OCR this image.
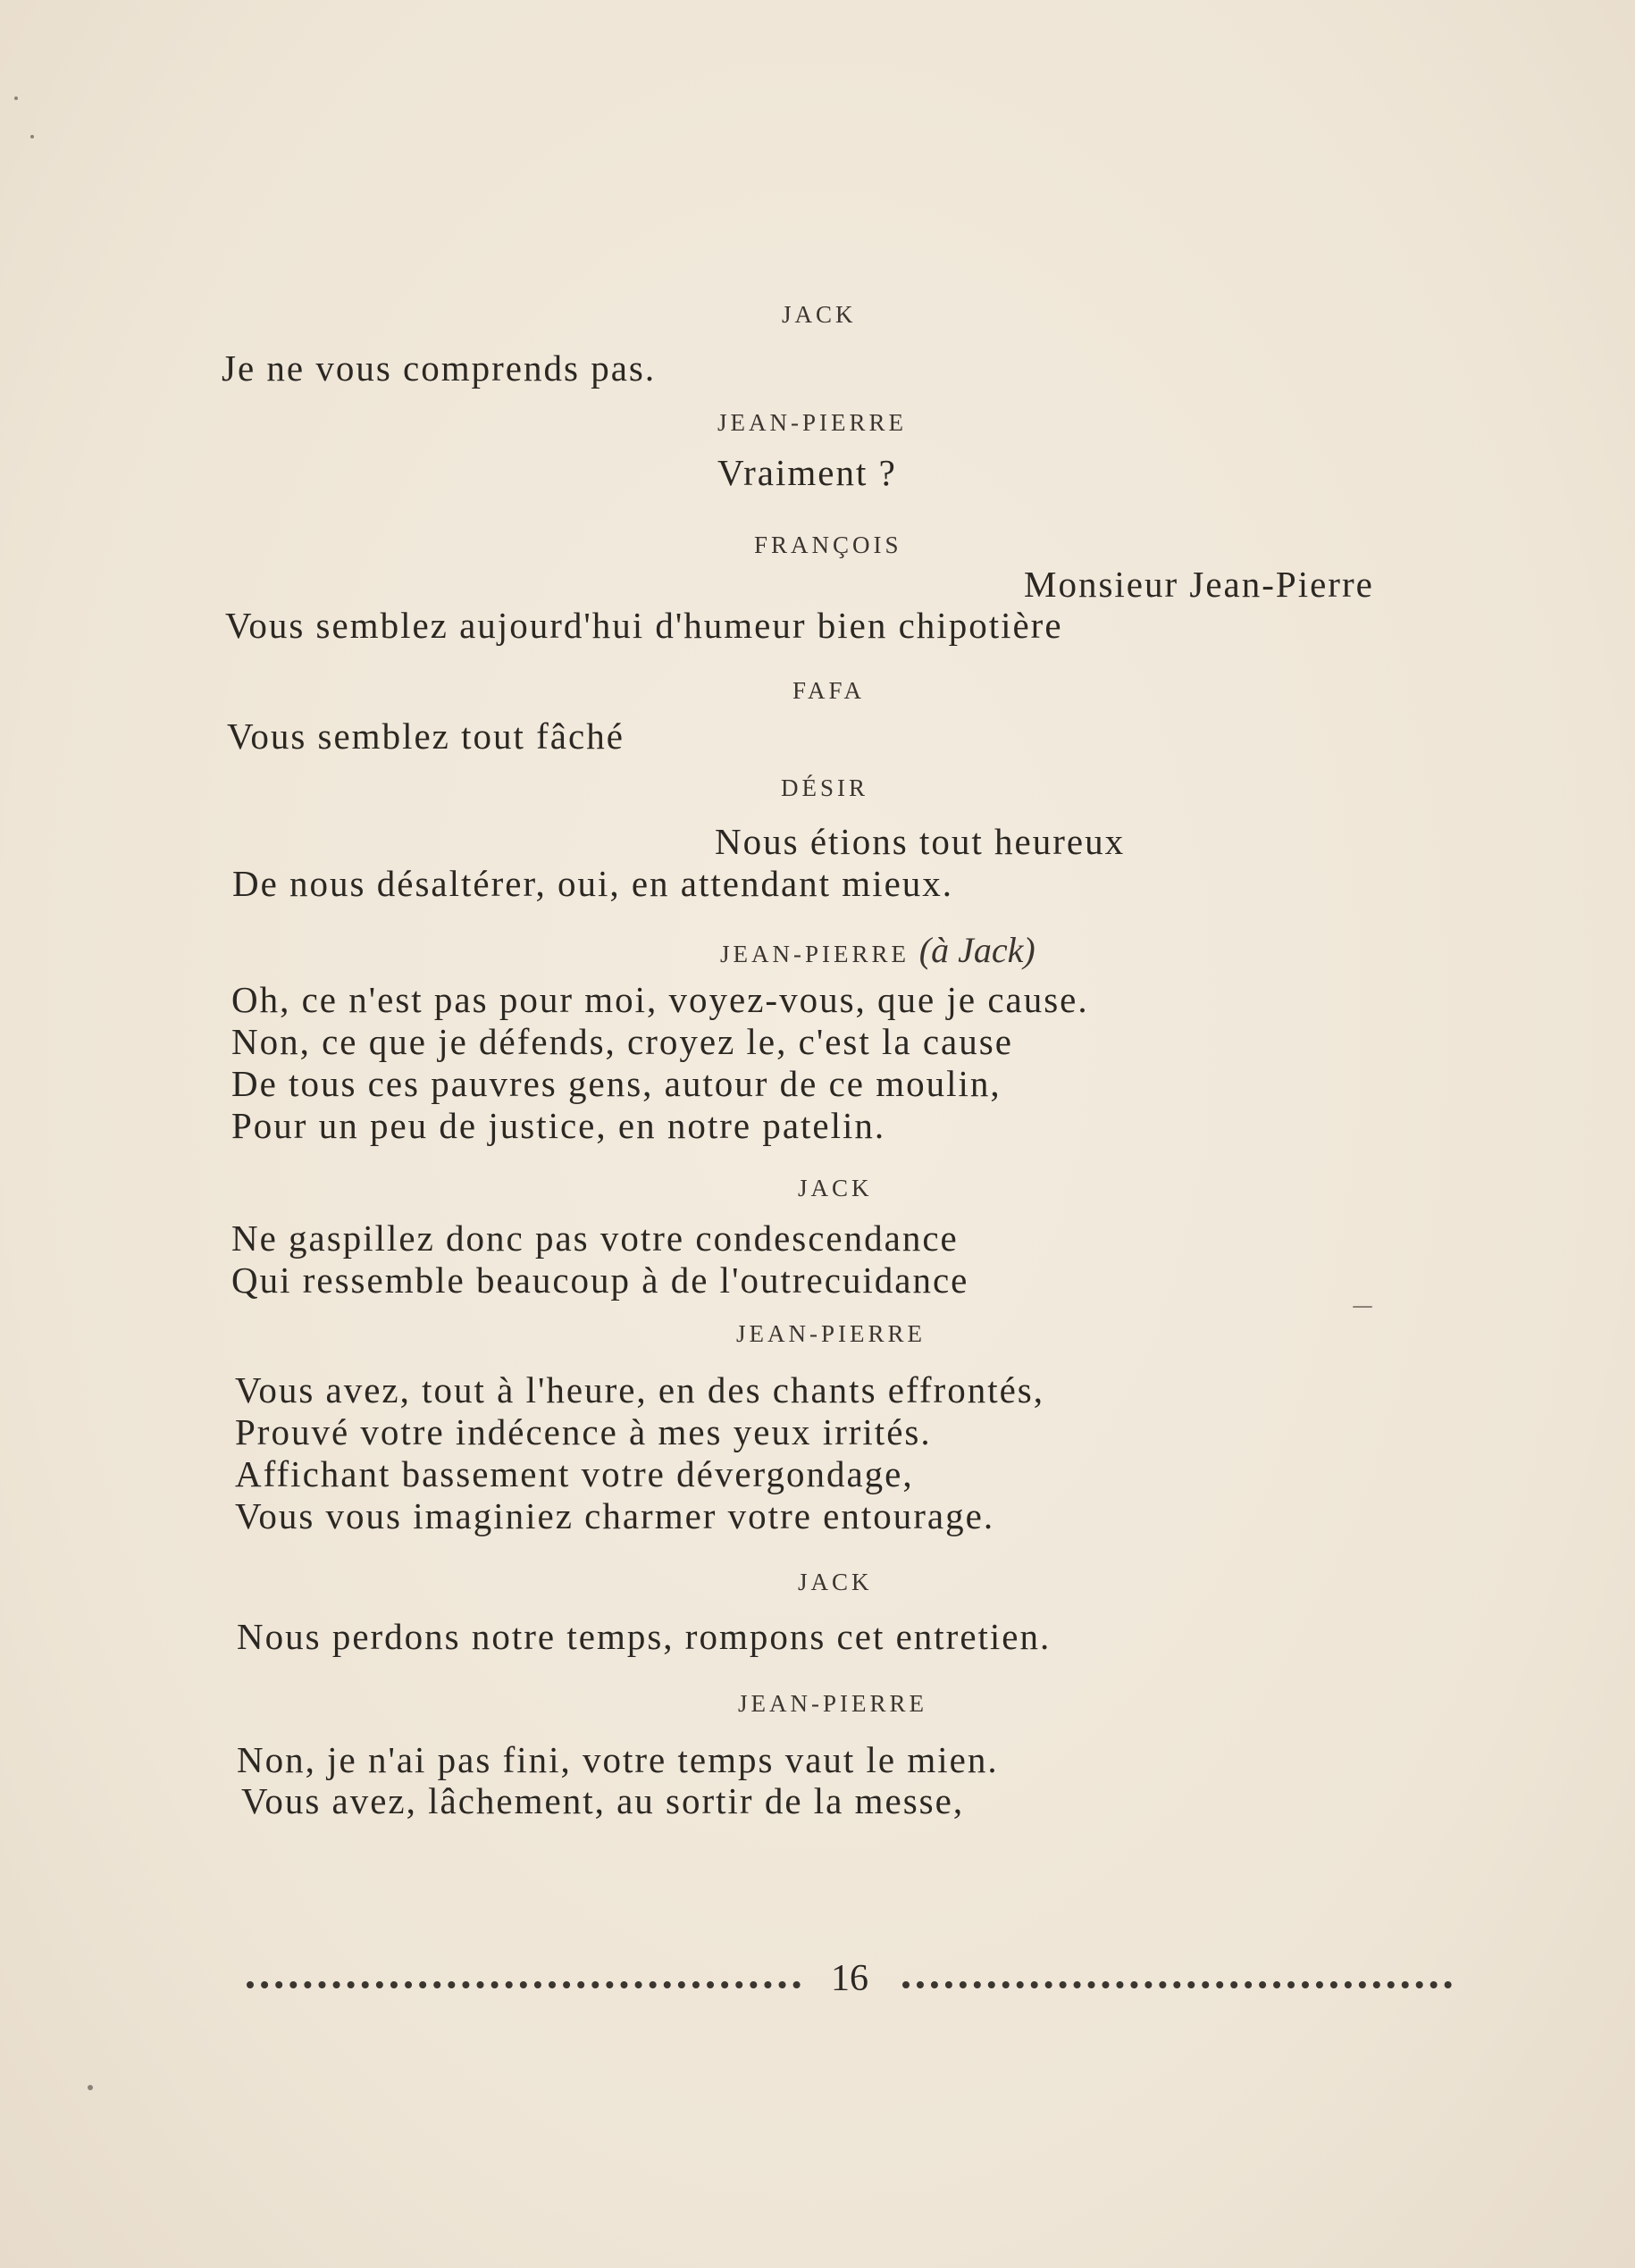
JACK
Je ne vous comprends pas.
JEAN-PIERRE
Vraiment ?
FRANÇOIS
Monsieur Jean-Pierre
Vous semblez aujourd'hui d'humeur bien chipotière
FAFA
Vous semblez tout fâché
DÉSIR
Nous étions tout heureux
De nous désaltérer, oui, en attendant mieux.
JEAN-PIERRE (à Jack)
Oh, ce n'est pas pour moi, voyez-vous, que je cause.
Non, ce que je défends, croyez le, c'est la cause
De tous ces pauvres gens, autour de ce moulin,
Pour un peu de justice, en notre patelin.
JACK
Ne gaspillez donc pas votre condescendance
Qui ressemble beaucoup à de l'outrecuidance
JEAN-PIERRE
Vous avez, tout à l'heure, en des chants effrontés,
Prouvé votre indécence à mes yeux irrités.
Affichant bassement votre dévergondage,
Vous vous imaginiez charmer votre entourage.
JACK
Nous perdons notre temps, rompons cet entretien.
JEAN-PIERRE
Non, je n'ai pas fini, votre temps vaut le mien.
Vous avez, lâchement, au sortir de la messe,
16
